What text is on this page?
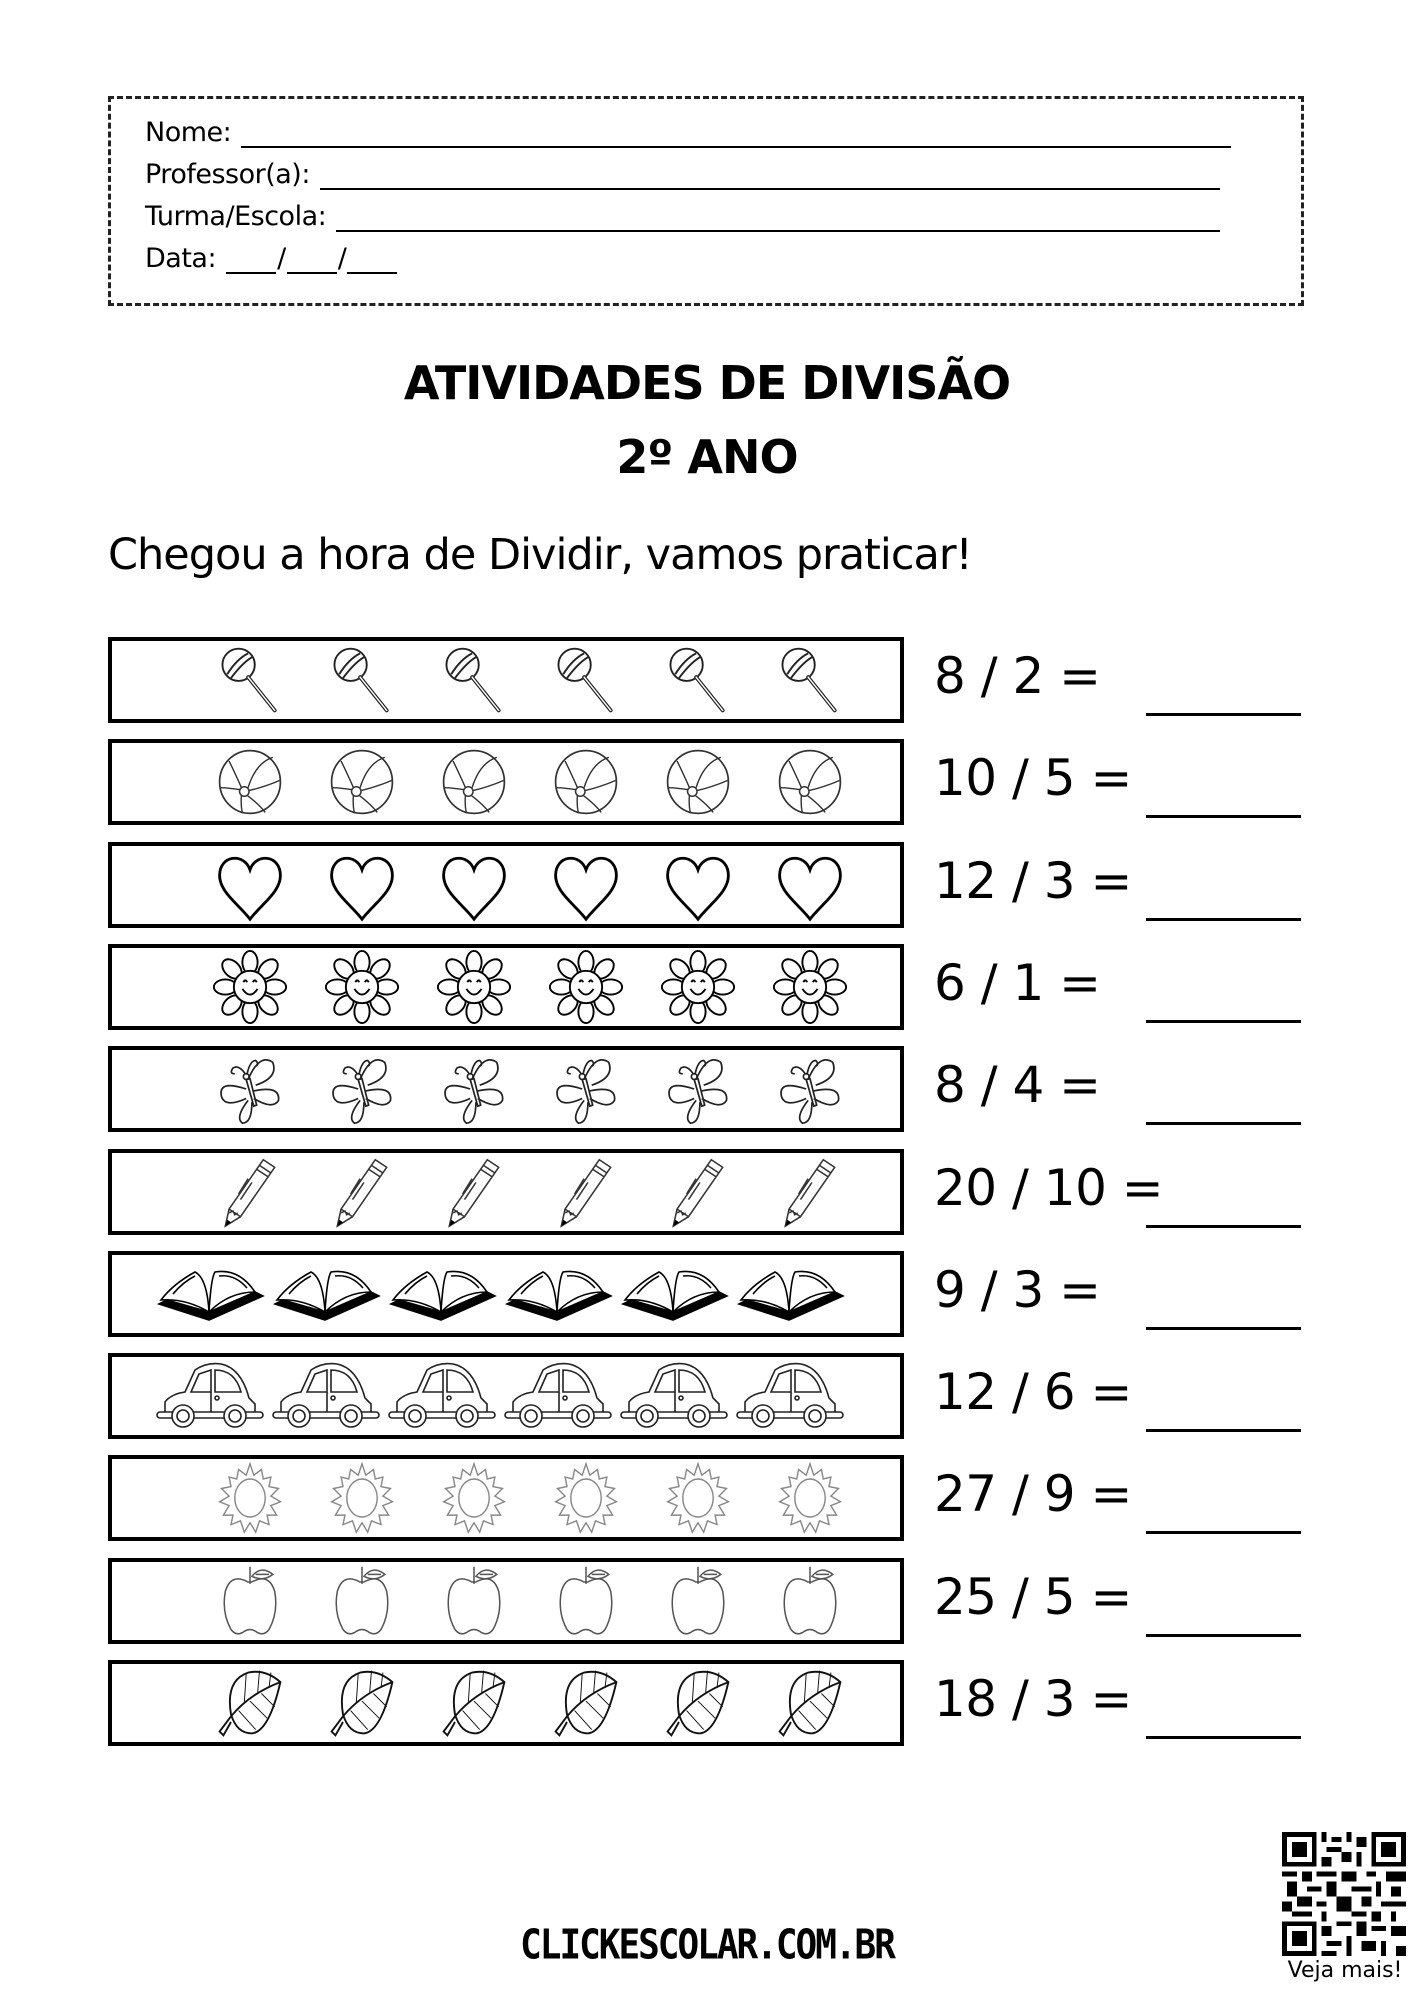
Nome:
Professor(a):
Turma/Escola:
Data: / /
ATIVIDADES DE DIVISÃO
2º ANO
Chegou a hora de Dividir, vamos praticar!
8 / 2 =
10 / 5 =
12 / 3 =
6 / 1 =
8 / 4 =
20 / 10 =
9 / 3 =
12 / 6 =
27 / 9 =
25 / 5 =
18 / 3 =
CLICKESCOLAR.COM.BR
Veja mais!
